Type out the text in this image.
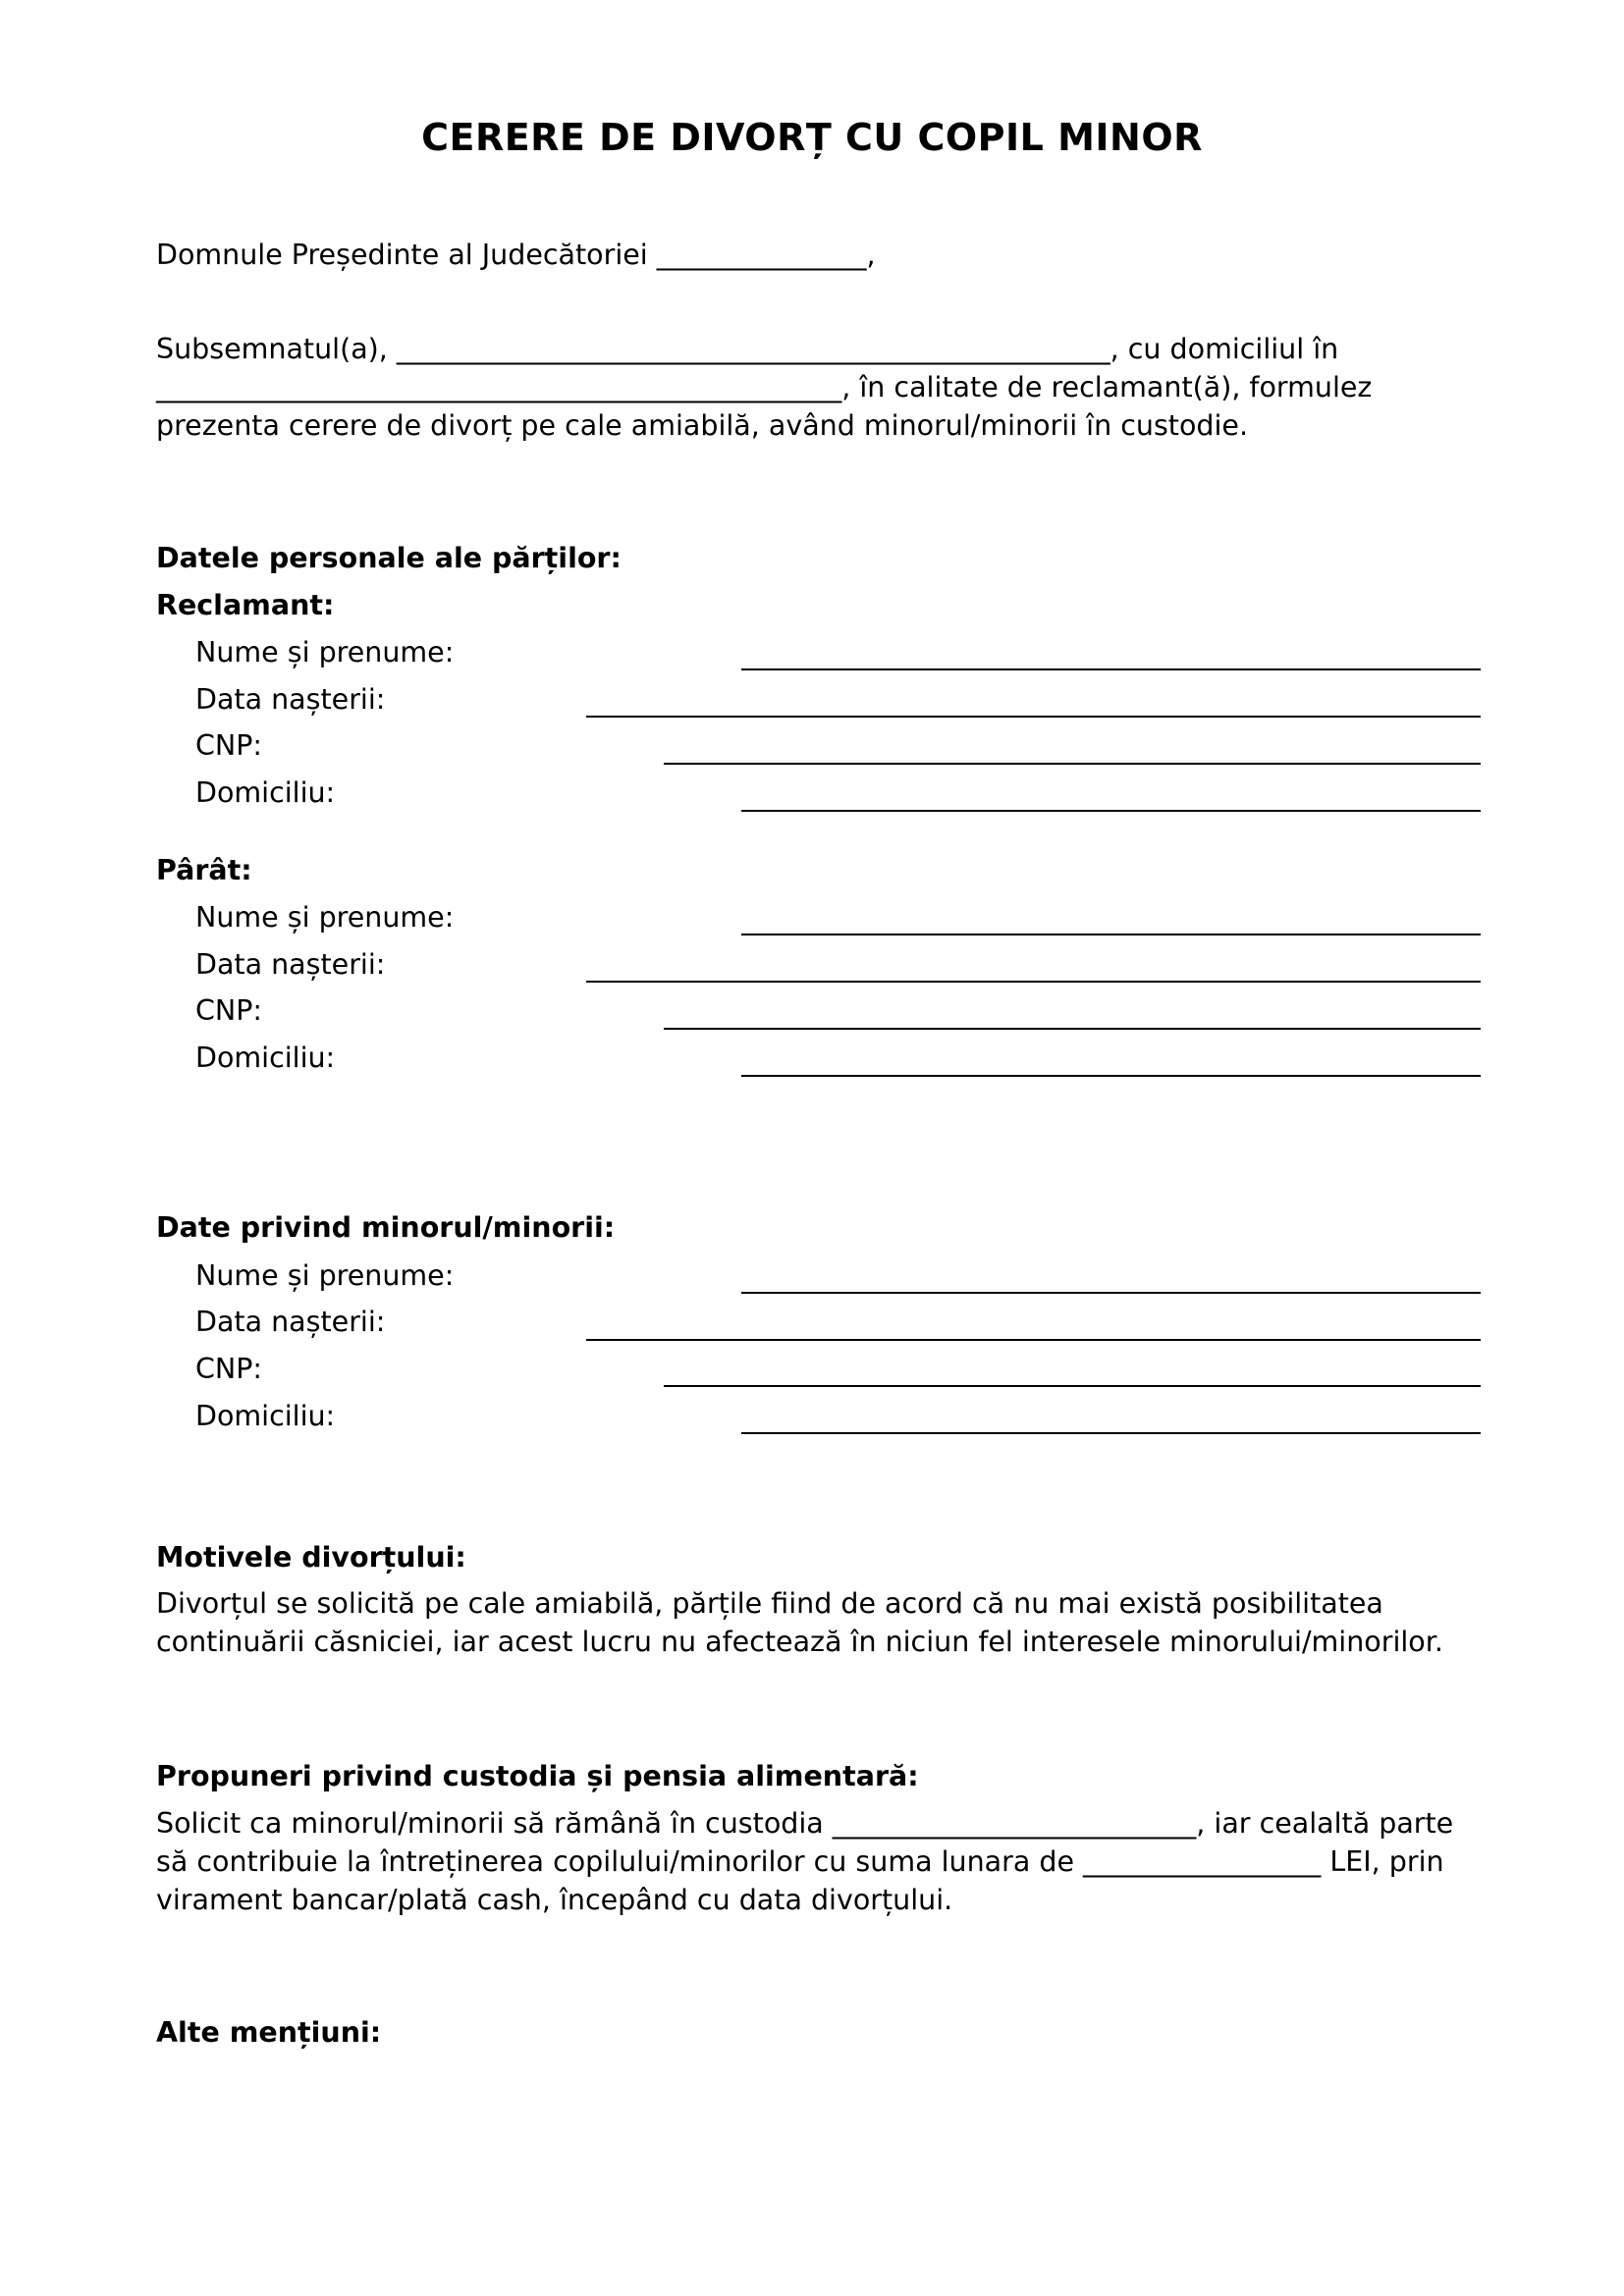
CERERE DE DIVORȚ CU COPIL MINOR
Domnule Președinte al Judecătoriei _______________,
Subsemnatul(a), ___________________________________________________, cu domiciliul în
_________________________________________________, în calitate de reclamant(ă), formulez
prezenta cerere de divorț pe cale amiabilă, având minorul/minorii în custodie.
Datele personale ale părților:
Reclamant:
Nume și prenume:
Data nașterii:
CNP:
Domiciliu:
Pârât:
Nume și prenume:
Data nașterii:
CNP:
Domiciliu:
Date privind minorul/minorii:
Nume și prenume:
Data nașterii:
CNP:
Domiciliu:
Motivele divorțului:
Divorțul se solicită pe cale amiabilă, părțile fiind de acord că nu mai există posibilitatea
continuării căsniciei, iar acest lucru nu afectează în niciun fel interesele minorului/minorilor.
Propuneri privind custodia și pensia alimentară:
Solicit ca minorul/minorii să rămână în custodia __________________________, iar cealaltă parte
să contribuie la întreținerea copilului/minorilor cu suma lunara de _________________ LEI, prin
virament bancar/plată cash, începând cu data divorțului.
Alte mențiuni:
